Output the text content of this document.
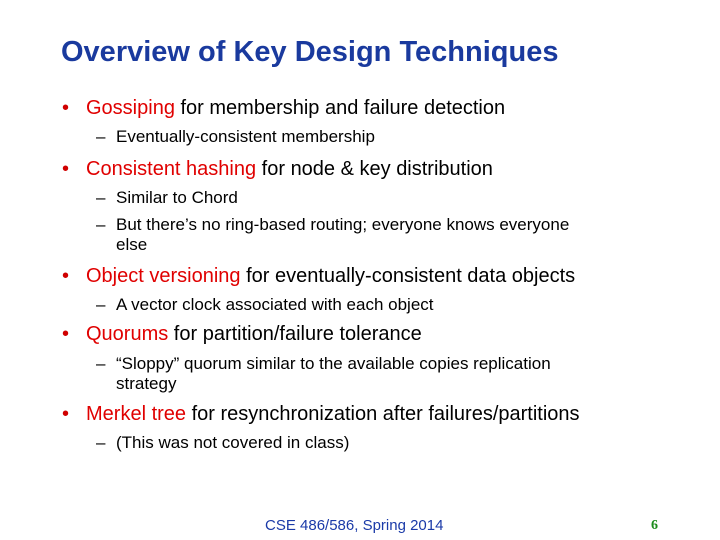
Overview of Key Design Techniques
• Gossiping for membership and failure detection
– Eventually-consistent membership
• Consistent hashing for node & key distribution
– Similar to Chord
– But there’s no ring-based routing; everyone knows everyone
else
• Object versioning for eventually-consistent data objects
– A vector clock associated with each object
• Quorums for partition/failure tolerance
– “Sloppy” quorum similar to the available copies replication
strategy
• Merkel tree for resynchronization after failures/partitions
– (This was not covered in class)
CSE 486/586, Spring 2014	6
